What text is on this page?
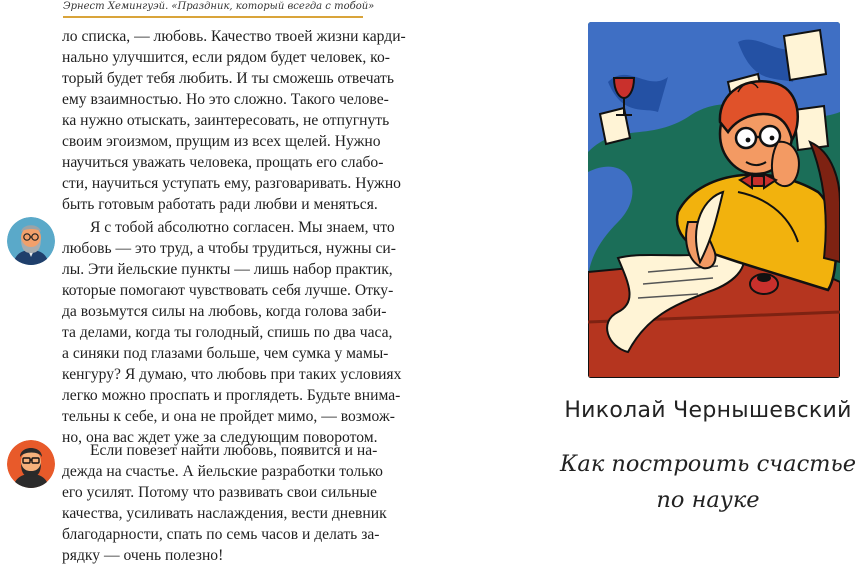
Эрнест Хемингуэй. «Праздник, который всегда с тобой»
ло списка, — любовь. Качество твоей жизни карди-
нально улучшится, если рядом будет человек, ко-
торый будет тебя любить. И ты сможешь отвечать
ему взаимностью. Но это сложно. Такого челове-
ка нужно отыскать, заинтересовать, не отпугнуть
своим эгоизмом, прущим из всех щелей. Нужно
научиться уважать человека, прощать его слабо-
сти, научиться уступать ему, разговаривать. Нужно
быть готовым работать ради любви и меняться.
Я с тобой абсолютно согласен. Мы знаем, что
любовь — это труд, а чтобы трудиться, нужны си-
лы. Эти йельские пункты — лишь набор практик,
которые помогают чувствовать себя лучше. Отку-
да возьмутся силы на любовь, когда голова заби-
та делами, когда ты голодный, спишь по два часа,
а синяки под глазами больше, чем сумка у мамы-
кенгуру? Я думаю, что любовь при таких условиях
легко можно проспать и проглядеть. Будьте внима-
тельны к себе, и она не пройдет мимо, — возмож-
но, она вас ждет уже за следующим поворотом.
Если повезет найти любовь, появится и на-
дежда на счастье. А йельские разработки только
его усилят. Потому что развивать свои сильные
качества, усиливать наслаждения, вести дневник
благодарности, спать по семь часов и делать за-
рядку — очень полезно!
Николай Чернышевский
Как построить счастье
по науке
